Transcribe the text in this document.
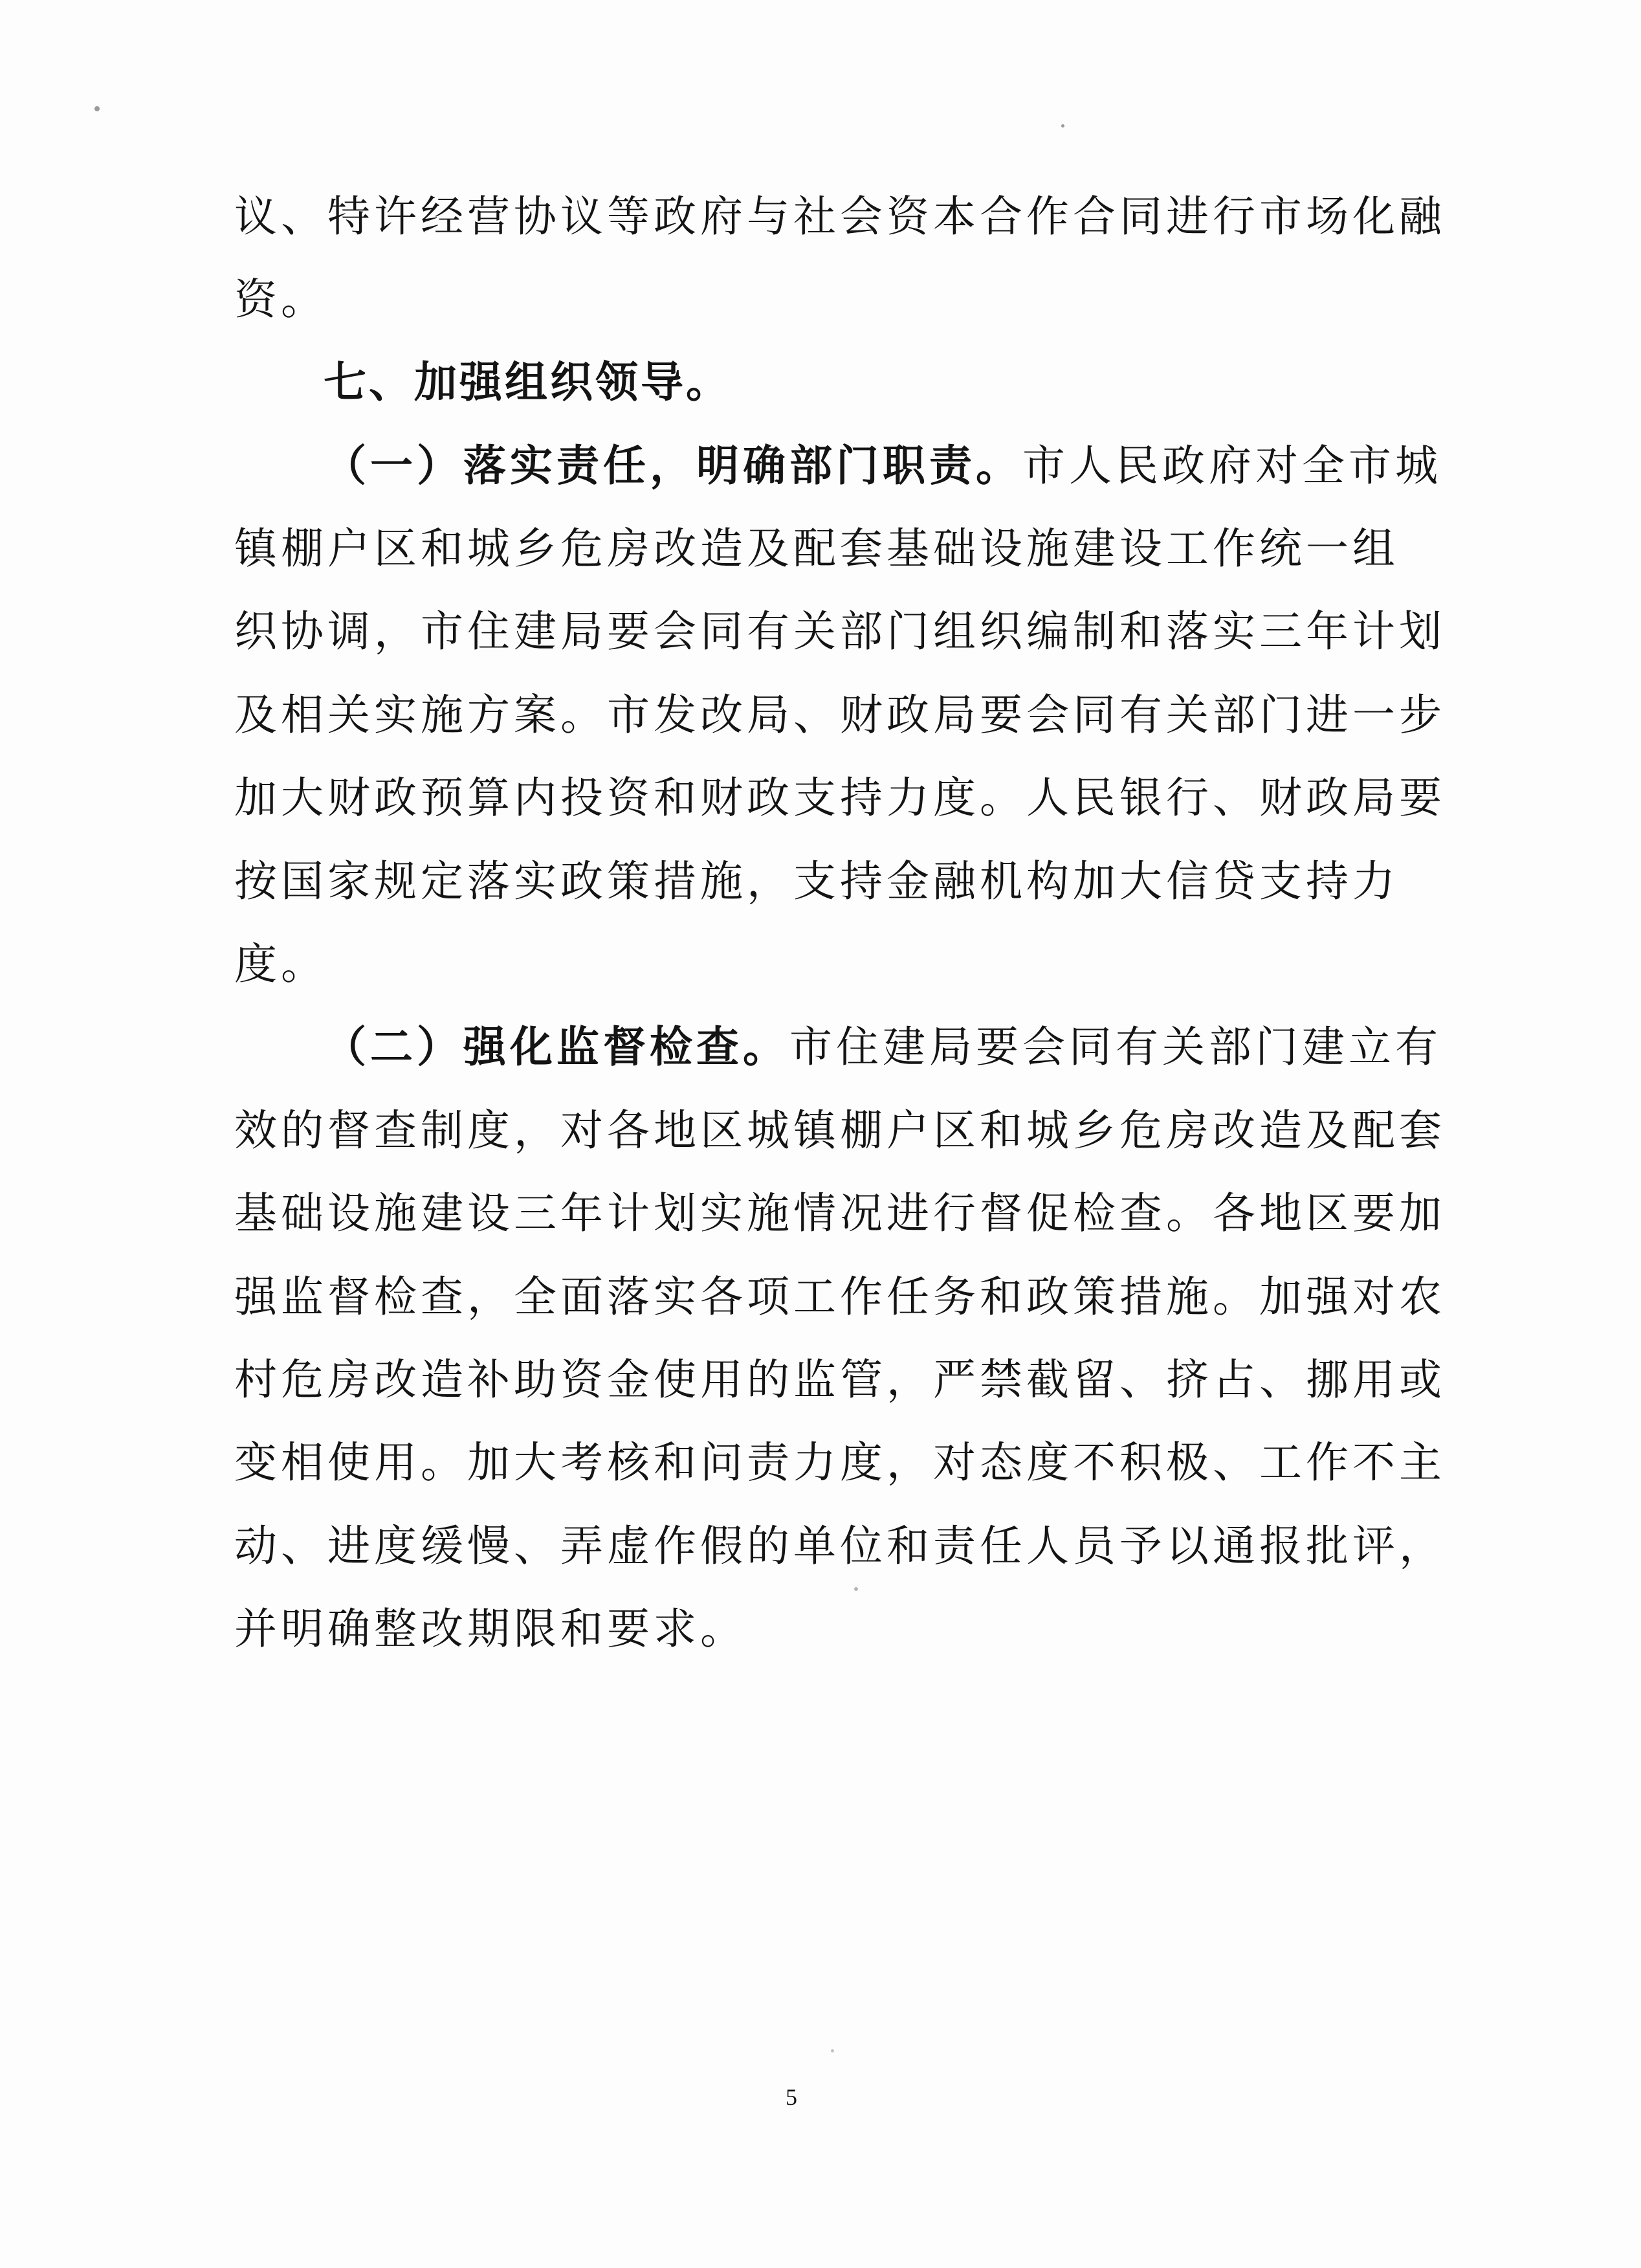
议、特许经营协议等政府与社会资本合作合同进行市场化融
资。
七、加强组织领导。
（一）落实责任，明确部门职责。市人民政府对全市城
镇棚户区和城乡危房改造及配套基础设施建设工作统一组
织协调，市住建局要会同有关部门组织编制和落实三年计划
及相关实施方案。市发改局、财政局要会同有关部门进一步
加大财政预算内投资和财政支持力度。人民银行、财政局要
按国家规定落实政策措施，支持金融机构加大信贷支持力
度。
（二）强化监督检查。市住建局要会同有关部门建立有
效的督查制度，对各地区城镇棚户区和城乡危房改造及配套
基础设施建设三年计划实施情况进行督促检查。各地区要加
强监督检查，全面落实各项工作任务和政策措施。加强对农
村危房改造补助资金使用的监管，严禁截留、挤占、挪用或
变相使用。加大考核和问责力度，对态度不积极、工作不主
动、进度缓慢、弄虚作假的单位和责任人员予以通报批评，
并明确整改期限和要求。
5
